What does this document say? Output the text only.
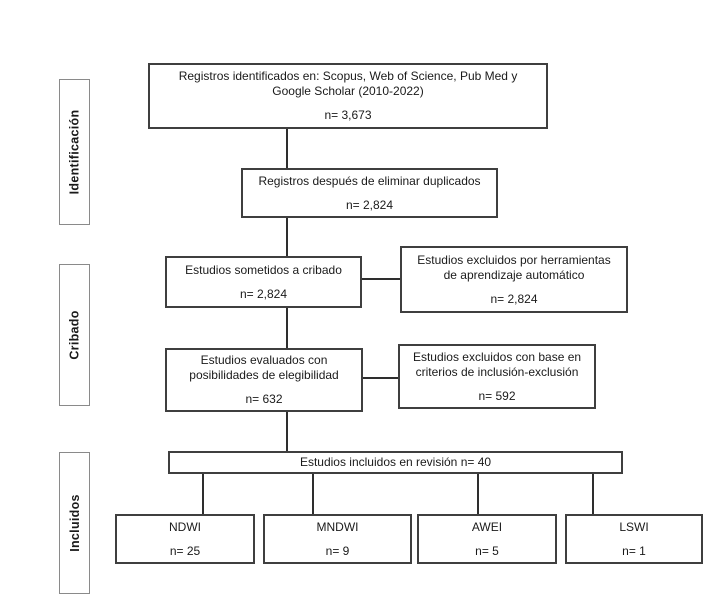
Identificación
Cribado
Incluidos
Registros identificados en: Scopus, Web of Science, Pub Med y
Google Scholar (2010-2022)
n= 3,673
Registros después de eliminar duplicados
n= 2,824
Estudios sometidos a cribado
n= 2,824
Estudios excluidos por herramientas
de aprendizaje automático
n= 2,824
Estudios evaluados con
posibilidades de elegibilidad
n= 632
Estudios excluidos con base en
criterios de inclusión-exclusión
n= 592
Estudios incluidos en revisión n= 40
NDWI
n= 25
MNDWI
n= 9
AWEI
n= 5
LSWI
n= 1
